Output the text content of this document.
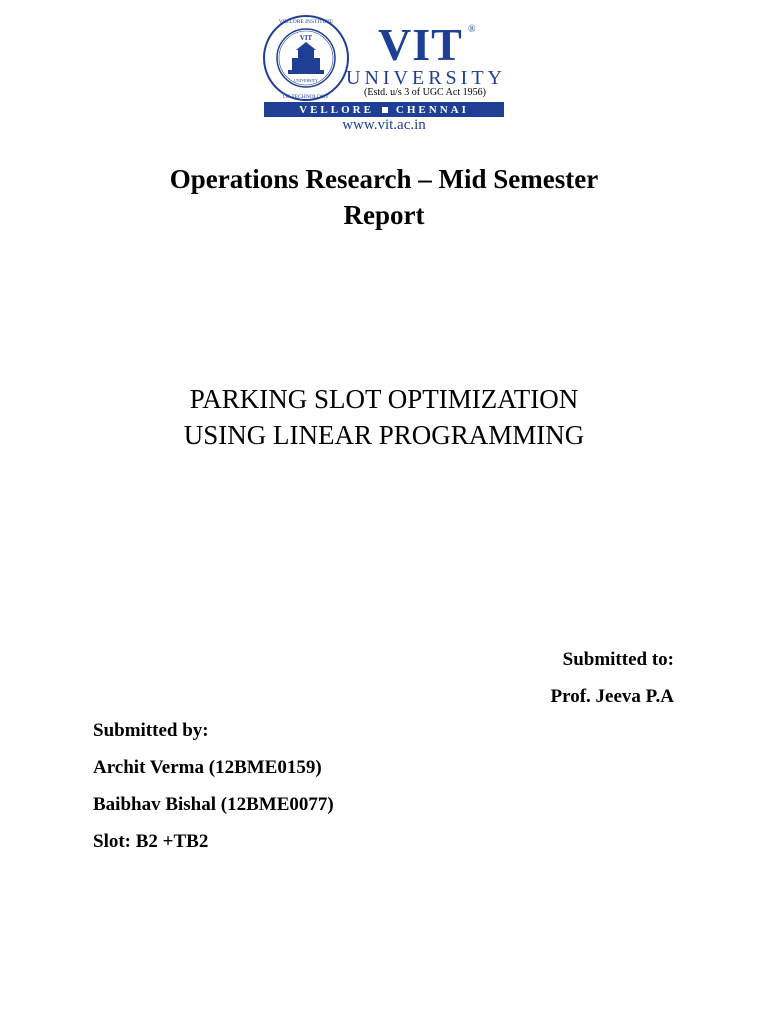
VIT
UNIVERSITY
VELLORE INSTITUTE
OF TECHNOLOGY
VIT ®
UNIVERSITY
(Estd. u/s 3 of UGC Act 1956)
VELLORE CHENNAI
www.vit.ac.in
Operations Research – Mid Semester
Report
PARKING SLOT OPTIMIZATION
USING LINEAR PROGRAMMING
Submitted to:
Prof. Jeeva P.A
Submitted by:
Archit Verma (12BME0159)
Baibhav Bishal (12BME0077)
Slot: B2 +TB2
